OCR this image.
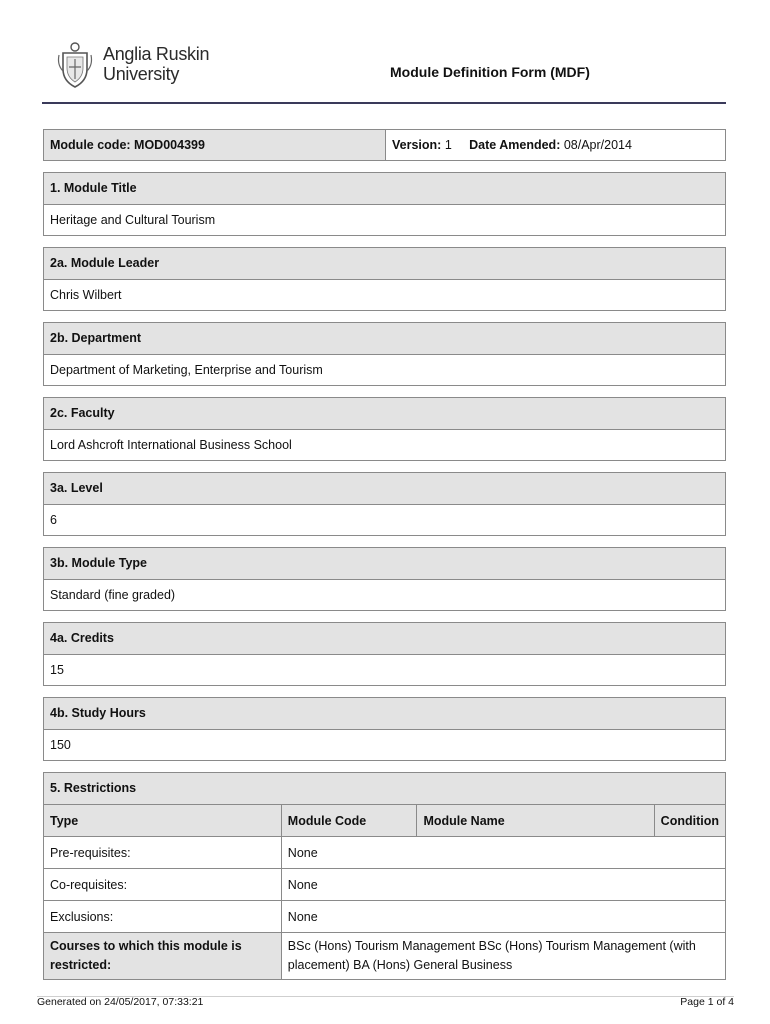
Anglia Ruskin
University	Module Definition Form (MDF)
Module code: MOD004399	Version: 1 Date Amended: 08/Apr/2014
1. Module Title
Heritage and Cultural Tourism
2a. Module Leader
Chris Wilbert
2b. Department
Department of Marketing, Enterprise and Tourism
2c. Faculty
Lord Ashcroft International Business School
3a. Level
6
3b. Module Type
Standard (fine graded)
4a. Credits
15
4b. Study Hours
150
5. Restrictions
Type	Module Code	Module Name	Condition
Pre-requisites:	None		
Co-requisites:	None		
Exclusions:	None		
Courses to which this module is restricted:	BSc (Hons) Tourism Management BSc (Hons) Tourism Management (with placement) BA (Hons) General Business		
Generated on 24/05/2017, 07:33:21	Page 1 of 4
